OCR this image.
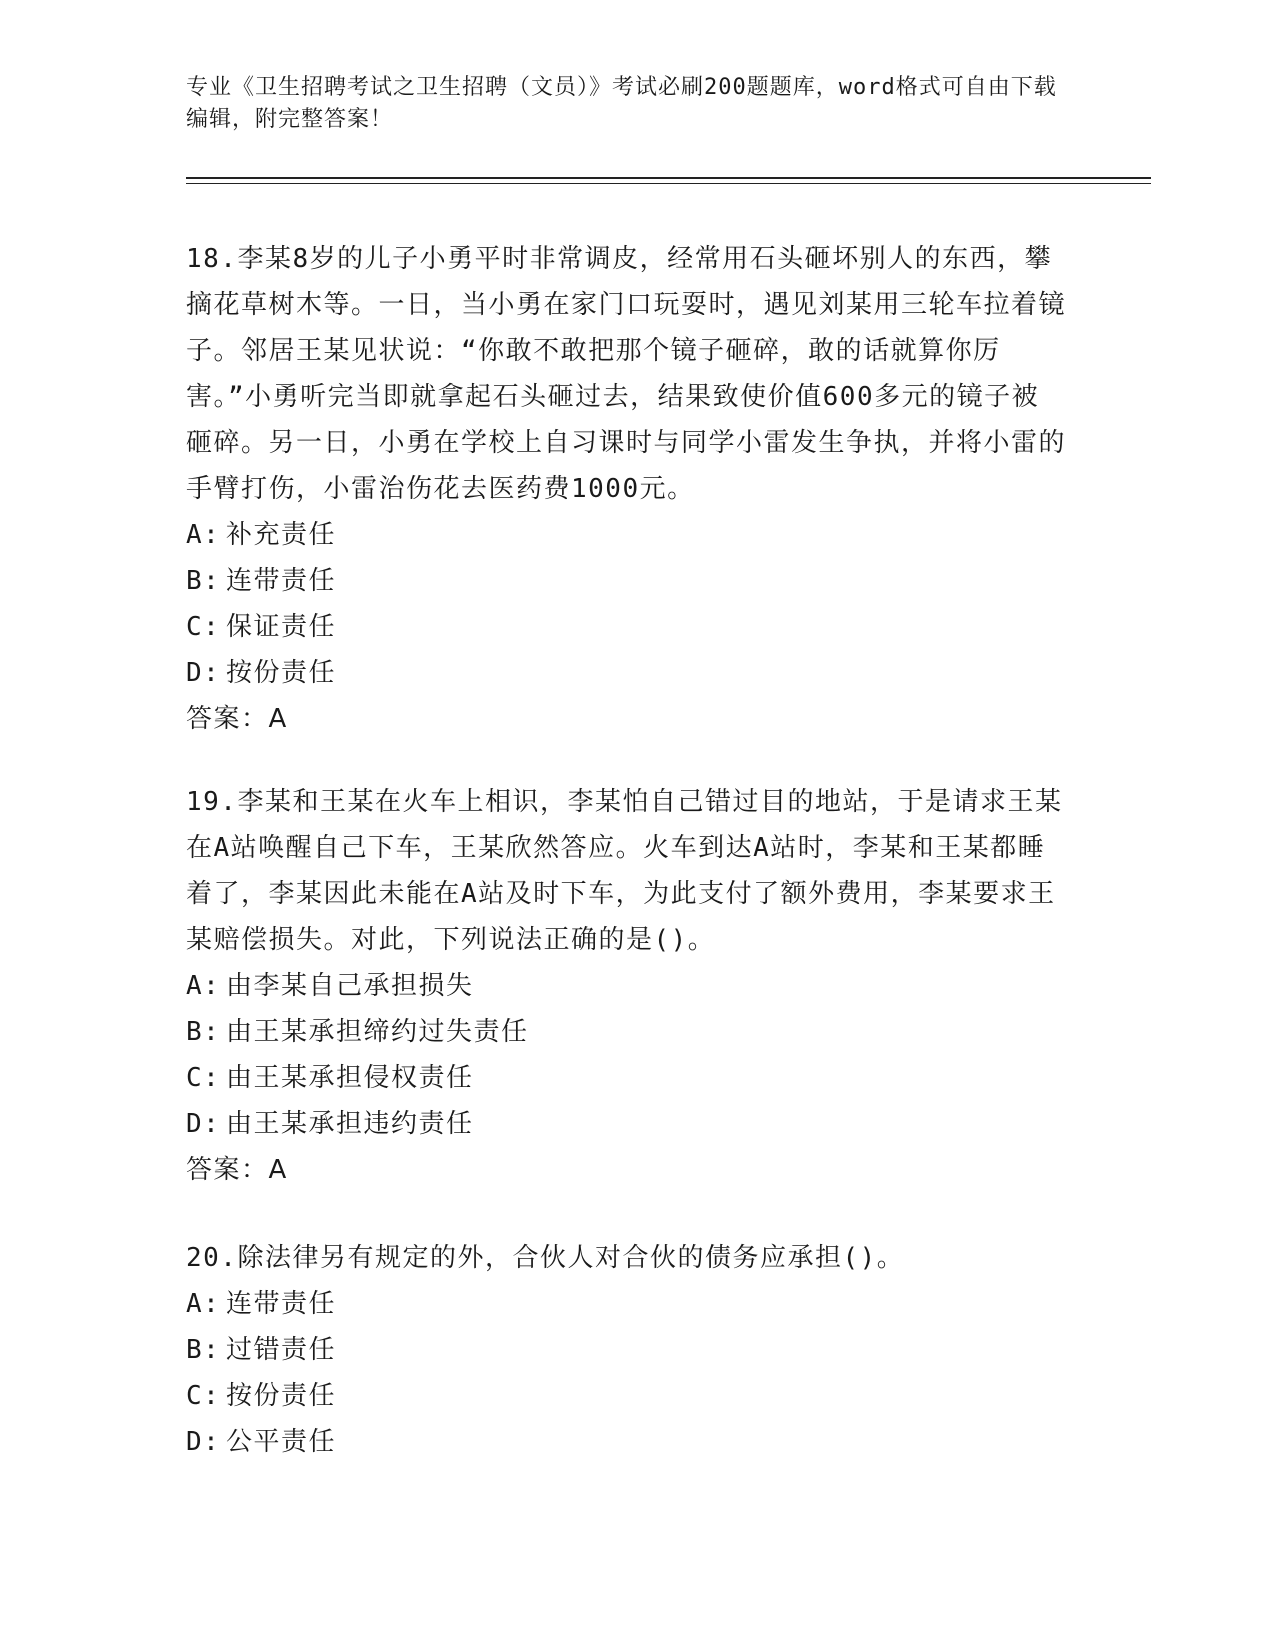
专业《卫生招聘考试之卫生招聘（文员）》考试必刷200题题库，word格式可自由下载编辑，附完整答案！

18.李某8岁的儿子小勇平时非常调皮，经常用石头砸坏别人的东西，攀摘花草树木等。一日，当小勇在家门口玩耍时，遇见刘某用三轮车拉着镜子。邻居王某见状说：“你敢不敢把那个镜子砸碎，敢的话就算你厉害。”小勇听完当即就拿起石头砸过去，结果致使价值600多元的镜子被砸碎。另一日，小勇在学校上自习课时与同学小雷发生争执，并将小雷的手臂打伤，小雷治伤花去医药费1000元。

A: 补充责任

B: 连带责任

C: 保证责任

D: 按份责任

答案：A

19.李某和王某在火车上相识，李某怕自己错过目的地站，于是请求王某在A站唤醒自己下车，王某欣然答应。火车到达A站时，李某和王某都睡着了，李某因此未能在A站及时下车，为此支付了额外费用，李某要求王某赔偿损失。对此，下列说法正确的是()。

A: 由李某自己承担损失

B: 由王某承担缔约过失责任

C: 由王某承担侵权责任

D: 由王某承担违约责任

答案：A

20.除法律另有规定的外，合伙人对合伙的债务应承担()。

A: 连带责任

B: 过错责任

C: 按份责任

D: 公平责任
